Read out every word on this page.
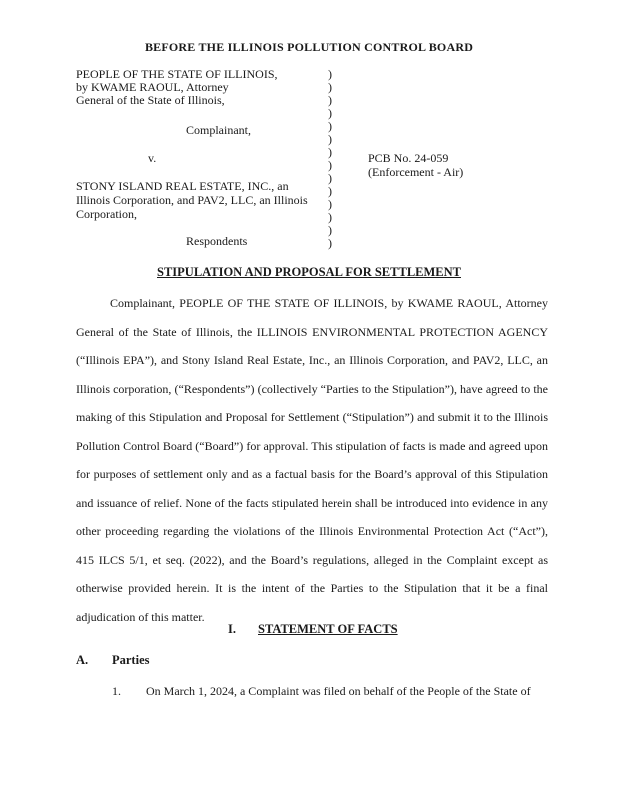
BEFORE THE ILLINOIS POLLUTION CONTROL BOARD
PEOPLE OF THE STATE OF ILLINOIS,
by KWAME RAOUL, Attorney
General of the State of Illinois,
Complainant,
v.
STONY ISLAND REAL ESTATE, INC., an
Illinois Corporation, and PAV2, LLC, an Illinois
Corporation,
Respondents
PCB No. 24-059
(Enforcement - Air)
)
)
)
)
)
)
)
)
)
)
)
)
)
)
STIPULATION AND PROPOSAL FOR SETTLEMENT

Complainant, PEOPLE OF THE STATE OF ILLINOIS, by KWAME RAOUL, Attorney General of the State of Illinois, the ILLINOIS ENVIRONMENTAL PROTECTION AGENCY (“Illinois EPA”), and Stony Island Real Estate, Inc., an Illinois Corporation, and PAV2, LLC, an Illinois corporation, (“Respondents”) (collectively “Parties to the Stipulation”), have agreed to the making of this Stipulation and Proposal for Settlement (“Stipulation”) and submit it to the Illinois Pollution Control Board (“Board”) for approval. This stipulation of facts is made and agreed upon for purposes of settlement only and as a factual basis for the Board’s approval of this Stipulation and issuance of relief. None of the facts stipulated herein shall be introduced into evidence in any other proceeding regarding the violations of the Illinois Environmental Protection Act (“Act”), 415 ILCS 5/1, et seq. (2022), and the Board’s regulations, alleged in the Complaint except as otherwise provided herein. It is the intent of the Parties to the Stipulation that it be a final adjudication of this matter.

I. STATEMENT OF FACTS
A. Parties
1. On March 1, 2024, a Complaint was filed on behalf of the People of the State of
